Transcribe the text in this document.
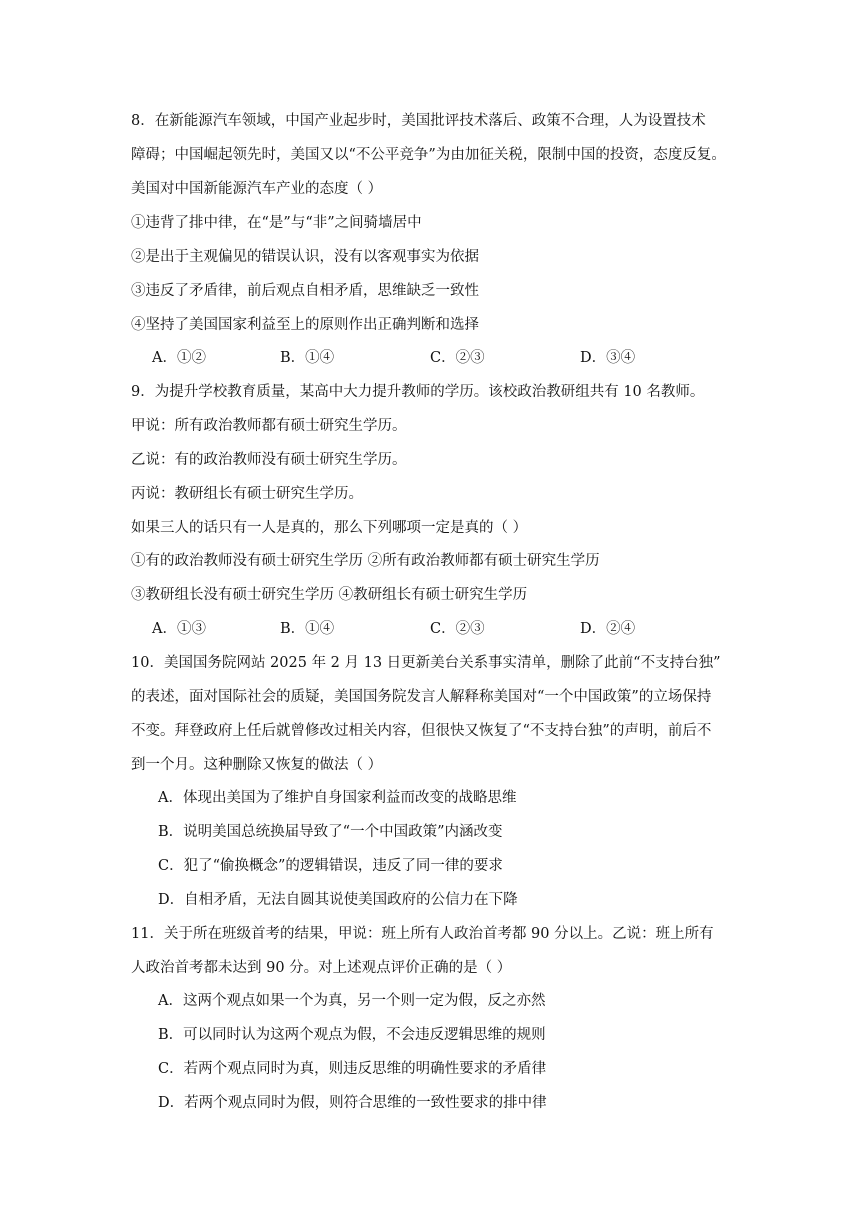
8．在新能源汽车领域，中国产业起步时，美国批评技术落后、政策不合理，人为设置技术
障碍；中国崛起领先时，美国又以“不公平竞争”为由加征关税，限制中国的投资，态度反复。
美国对中国新能源汽车产业的态度（ ）
①违背了排中律，在“是”与“非”之间骑墙居中
②是出于主观偏见的错误认识，没有以客观事实为依据
③违反了矛盾律，前后观点自相矛盾，思维缺乏一致性
④坚持了美国国家利益至上的原则作出正确判断和选择
A．①②	B．①④	C．②③	D．③④
9．为提升学校教育质量，某高中大力提升教师的学历。该校政治教研组共有 10 名教师。
甲说：所有政治教师都有硕士研究生学历。
乙说：有的政治教师没有硕士研究生学历。
丙说：教研组长有硕士研究生学历。
如果三人的话只有一人是真的，那么下列哪项一定是真的（ ）
①有的政治教师没有硕士研究生学历 ②所有政治教师都有硕士研究生学历
③教研组长没有硕士研究生学历 ④教研组长有硕士研究生学历
A．①③	B．①④	C．②③	D．②④
10．美国国务院网站 2025 年 2 月 13 日更新美台关系事实清单，删除了此前“不支持台独”
的表述，面对国际社会的质疑，美国国务院发言人解释称美国对“一个中国政策”的立场保持
不变。拜登政府上任后就曾修改过相关内容，但很快又恢复了“不支持台独”的声明，前后不
到一个月。这种删除又恢复的做法（ ）
A．体现出美国为了维护自身国家利益而改变的战略思维
B．说明美国总统换届导致了“一个中国政策”内涵改变
C．犯了“偷换概念”的逻辑错误，违反了同一律的要求
D．自相矛盾，无法自圆其说使美国政府的公信力在下降
11．关于所在班级首考的结果，甲说：班上所有人政治首考都 90 分以上。乙说：班上所有
人政治首考都未达到 90 分。对上述观点评价正确的是（ ）
A．这两个观点如果一个为真，另一个则一定为假，反之亦然
B．可以同时认为这两个观点为假，不会违反逻辑思维的规则
C．若两个观点同时为真，则违反思维的明确性要求的矛盾律
D．若两个观点同时为假，则符合思维的一致性要求的排中律
